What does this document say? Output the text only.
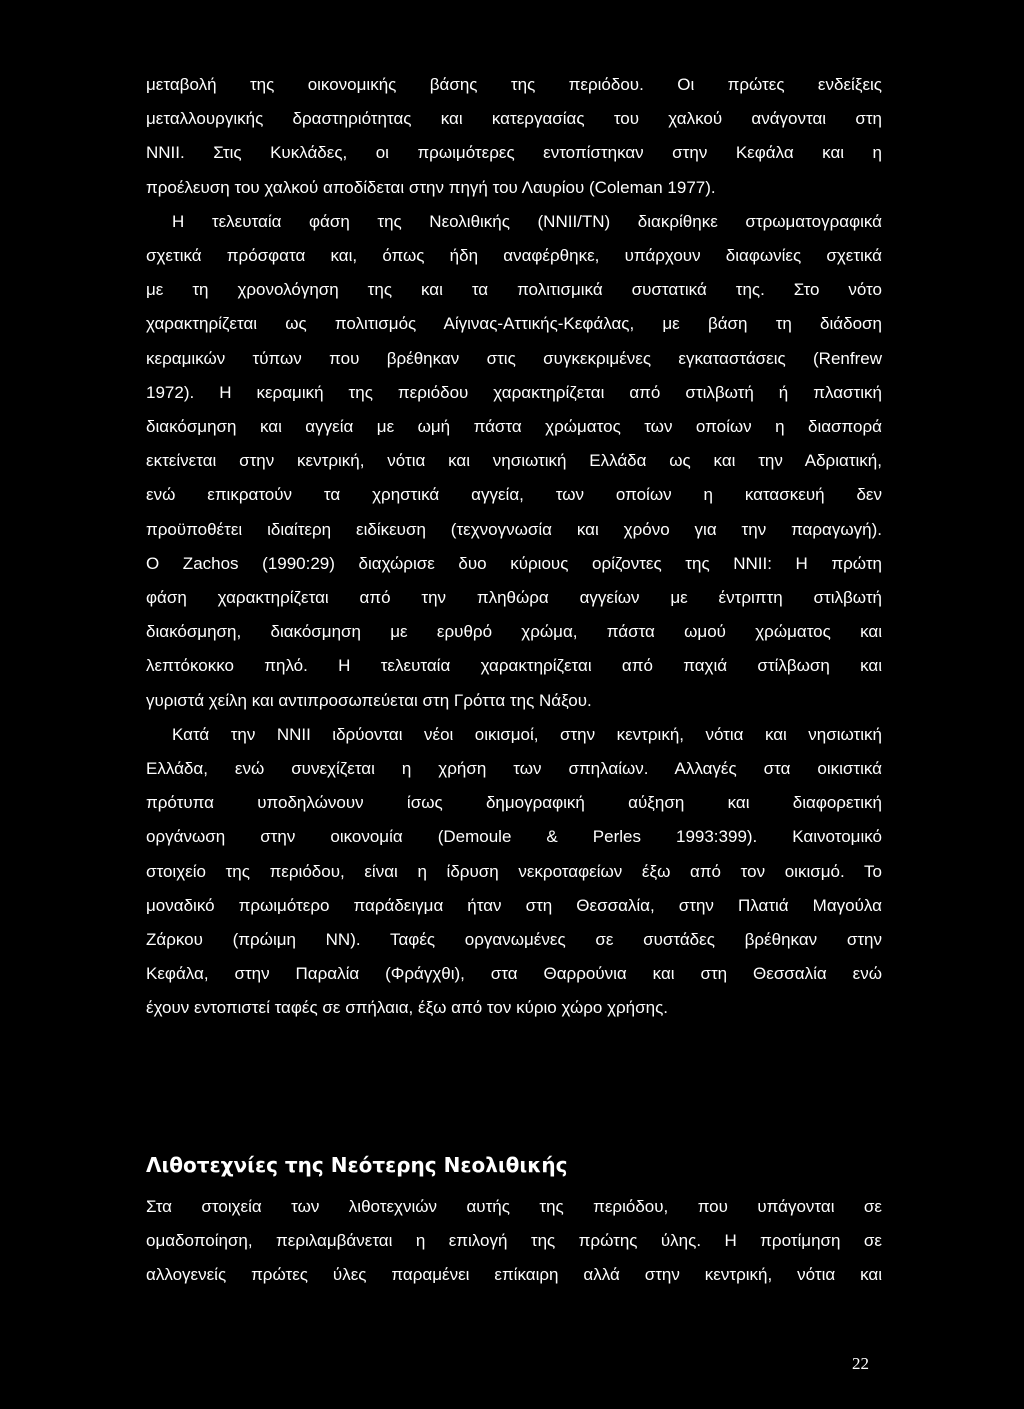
μεταβολή της οικονομικής βάσης της περιόδου. Οι πρώτες ενδείξεις
μεταλλουργικής δραστηριότητας και κατεργασίας του χαλκού ανάγονται στη
ΝΝΙΙ. Στις Κυκλάδες, οι πρωιμότερες εντοπίστηκαν στην Κεφάλα και η
προέλευση του χαλκού αποδίδεται στην πηγή του Λαυρίου (Coleman 1977).

Η τελευταία φάση της Νεολιθικής (ΝΝΙΙ/ΤΝ) διακρίθηκε στρωματογραφικά
σχετικά πρόσφατα και, όπως ήδη αναφέρθηκε, υπάρχουν διαφωνίες σχετικά
με τη χρονολόγηση της και τα πολιτισμικά συστατικά της. Στο νότο
χαρακτηρίζεται ως πολιτισμός Αίγινας-Αττικής-Κεφάλας, με βάση τη διάδοση
κεραμικών τύπων που βρέθηκαν στις συγκεκριμένες εγκαταστάσεις (Renfrew
1972). Η κεραμική της περιόδου χαρακτηρίζεται από στιλβωτή ή πλαστική
διακόσμηση και αγγεία με ωμή πάστα χρώματος των οποίων η διασπορά
εκτείνεται στην κεντρική, νότια και νησιωτική Ελλάδα ως και την Αδριατική,
ενώ επικρατούν τα χρηστικά αγγεία, των οποίων η κατασκευή δεν
προϋποθέτει ιδιαίτερη ειδίκευση (τεχνογνωσία και χρόνο για την παραγωγή).
Ο Zachos (1990:29) διαχώρισε δυο κύριους ορίζοντες της ΝΝΙΙ: Η πρώτη
φάση χαρακτηρίζεται από την πληθώρα αγγείων με έντριπτη στιλβωτή
διακόσμηση, διακόσμηση με ερυθρό χρώμα, πάστα ωμού χρώματος και
λεπτόκοκκο πηλό. Η τελευταία χαρακτηρίζεται από παχιά στίλβωση και
γυριστά χείλη και αντιπροσωπεύεται στη Γρόττα της Νάξου.

Κατά την ΝΝΙΙ ιδρύονται νέοι οικισμοί, στην κεντρική, νότια και νησιωτική
Ελλάδα, ενώ συνεχίζεται η χρήση των σπηλαίων. Αλλαγές στα οικιστικά
πρότυπα υποδηλώνουν ίσως δημογραφική αύξηση και διαφορετική
οργάνωση στην οικονομία (Demoule & Perles 1993:399). Καινοτομικό
στοιχείο της περιόδου, είναι η ίδρυση νεκροταφείων έξω από τον οικισμό. Το
μοναδικό πρωιμότερο παράδειγμα ήταν στη Θεσσαλία, στην Πλατιά Μαγούλα
Ζάρκου (πρώιμη ΝΝ). Ταφές οργανωμένες σε συστάδες βρέθηκαν στην
Κεφάλα, στην Παραλία (Φράγχθι), στα Θαρρούνια και στη Θεσσαλία ενώ
έχουν εντοπιστεί ταφές σε σπήλαια, έξω από τον κύριο χώρο χρήσης.

Λιθοτεχνίες της Νεότερης Νεολιθικής
Στα στοιχεία των λιθοτεχνιών αυτής της περιόδου, που υπάγονται σε
ομαδοποίηση, περιλαμβάνεται η επιλογή της πρώτης ύλης. Η προτίμηση σε
αλλογενείς πρώτες ύλες παραμένει επίκαιρη αλλά στην κεντρική, νότια και
22
